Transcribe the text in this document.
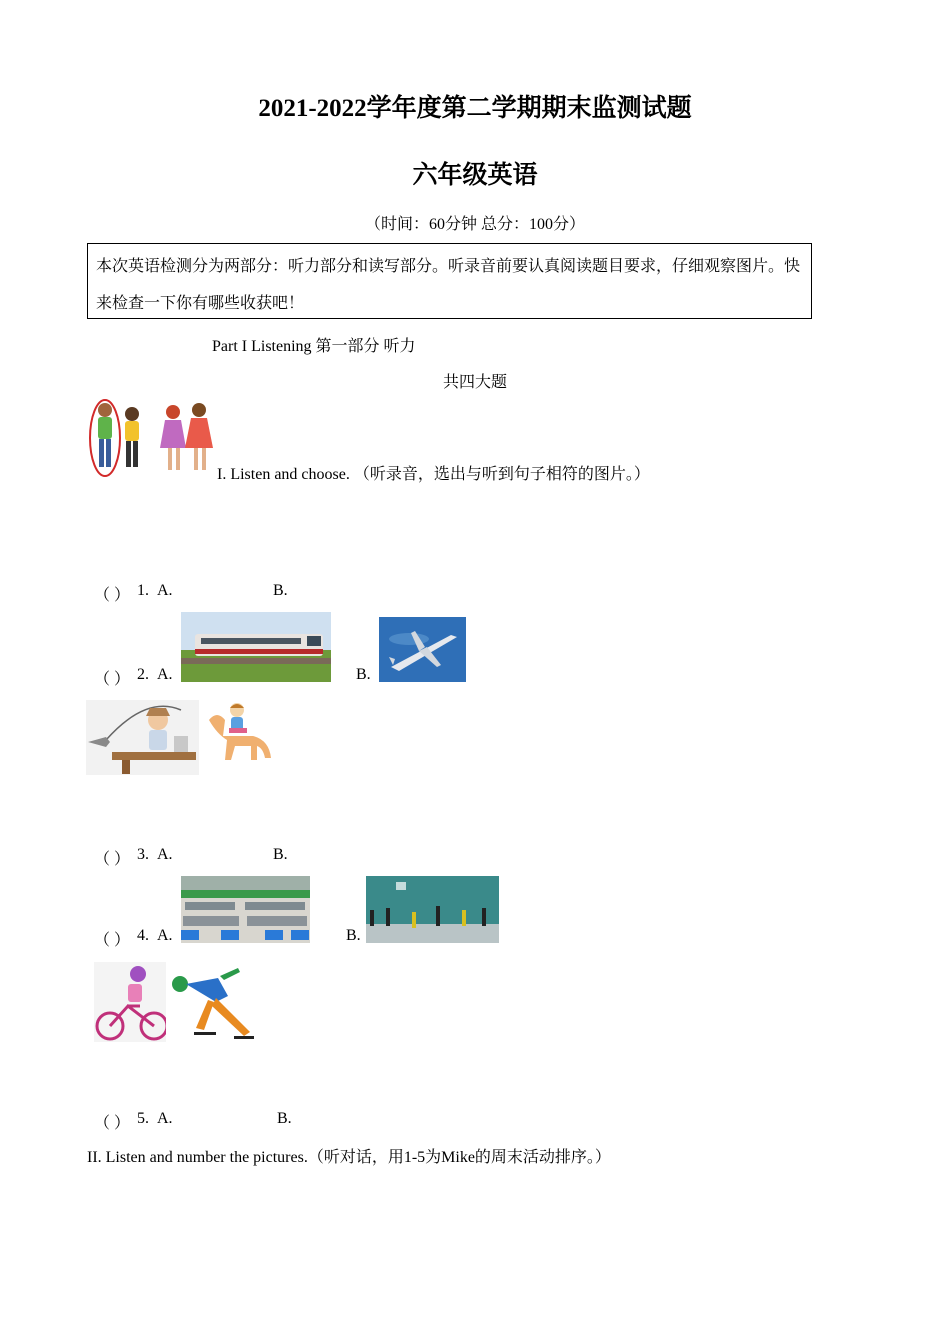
2021-2022学年度第二学期期末监测试题
六年级英语
（时间：60分钟 总分：100分）
本次英语检测分为两部分：听力部分和读写部分。听录音前要认真阅读题目要求，仔细观察图片。快来检查一下你有哪些收获吧！
Part I Listening 第一部分 听力
共四大题
I. Listen and choose. （听录音，选出与听到句子相符的图片。）
（ ） 1. A.	B.
（ ） 2. A.	B.
（ ） 3. A.	B.
（ ） 4. A.	B.
（ ） 5. A.	B.
II. Listen and number the pictures.（听对话，用1-5为Mike的周末活动排序。）
